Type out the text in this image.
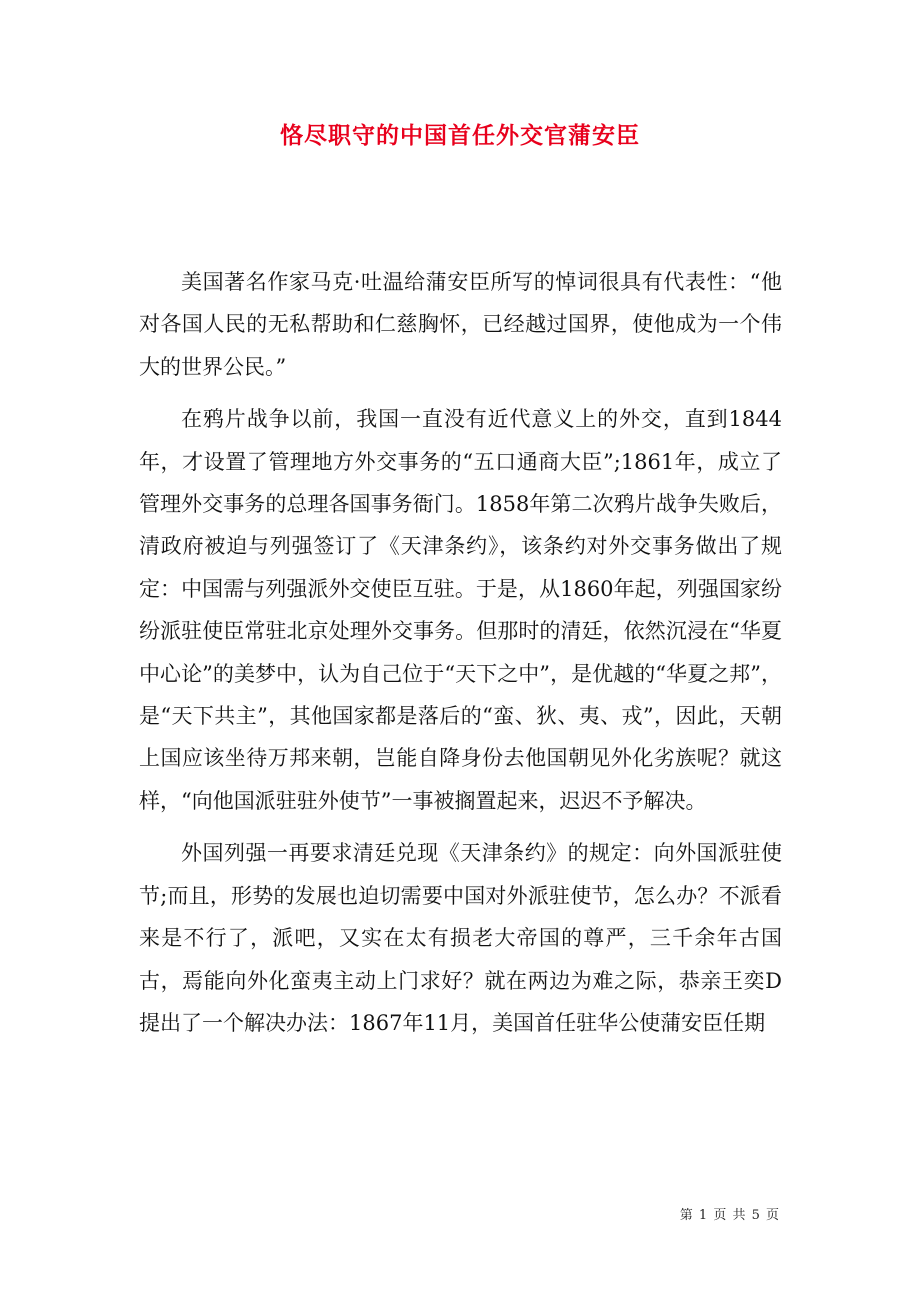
恪尽职守的中国首任外交官蒲安臣

美国著名作家马克·吐温给蒲安臣所写的悼词很具有代表性：“他对各国人民的无私帮助和仁慈胸怀，已经越过国界，使他成为一个伟大的世界公民。”

在鸦片战争以前，我国一直没有近代意义上的外交，直到1844年，才设置了管理地方外交事务的“五口通商大臣”;1861年，成立了管理外交事务的总理各国事务衙门。1858年第二次鸦片战争失败后，清政府被迫与列强签订了《天津条约》，该条约对外交事务做出了规定：中国需与列强派外交使臣互驻。于是，从1860年起，列强国家纷纷派驻使臣常驻北京处理外交事务。但那时的清廷，依然沉浸在“华夏中心论”的美梦中，认为自己位于“天下之中”，是优越的“华夏之邦”，是“天下共主”，其他国家都是落后的“蛮、狄、夷、戎”，因此，天朝上国应该坐待万邦来朝，岂能自降身份去他国朝见外化劣族呢？就这样，“向他国派驻驻外使节”一事被搁置起来，迟迟不予解决。

外国列强一再要求清廷兑现《天津条约》的规定：向外国派驻使节;而且，形势的发展也迫切需要中国对外派驻使节，怎么办？不派看来是不行了，派吧，又实在太有损老大帝国的尊严，三千余年古国古，焉能向外化蛮夷主动上门求好？就在两边为难之际，恭亲王奕D提出了一个解决办法：1867年11月，美国首任驻华公使蒲安臣任期

第 1 页 共 5 页
